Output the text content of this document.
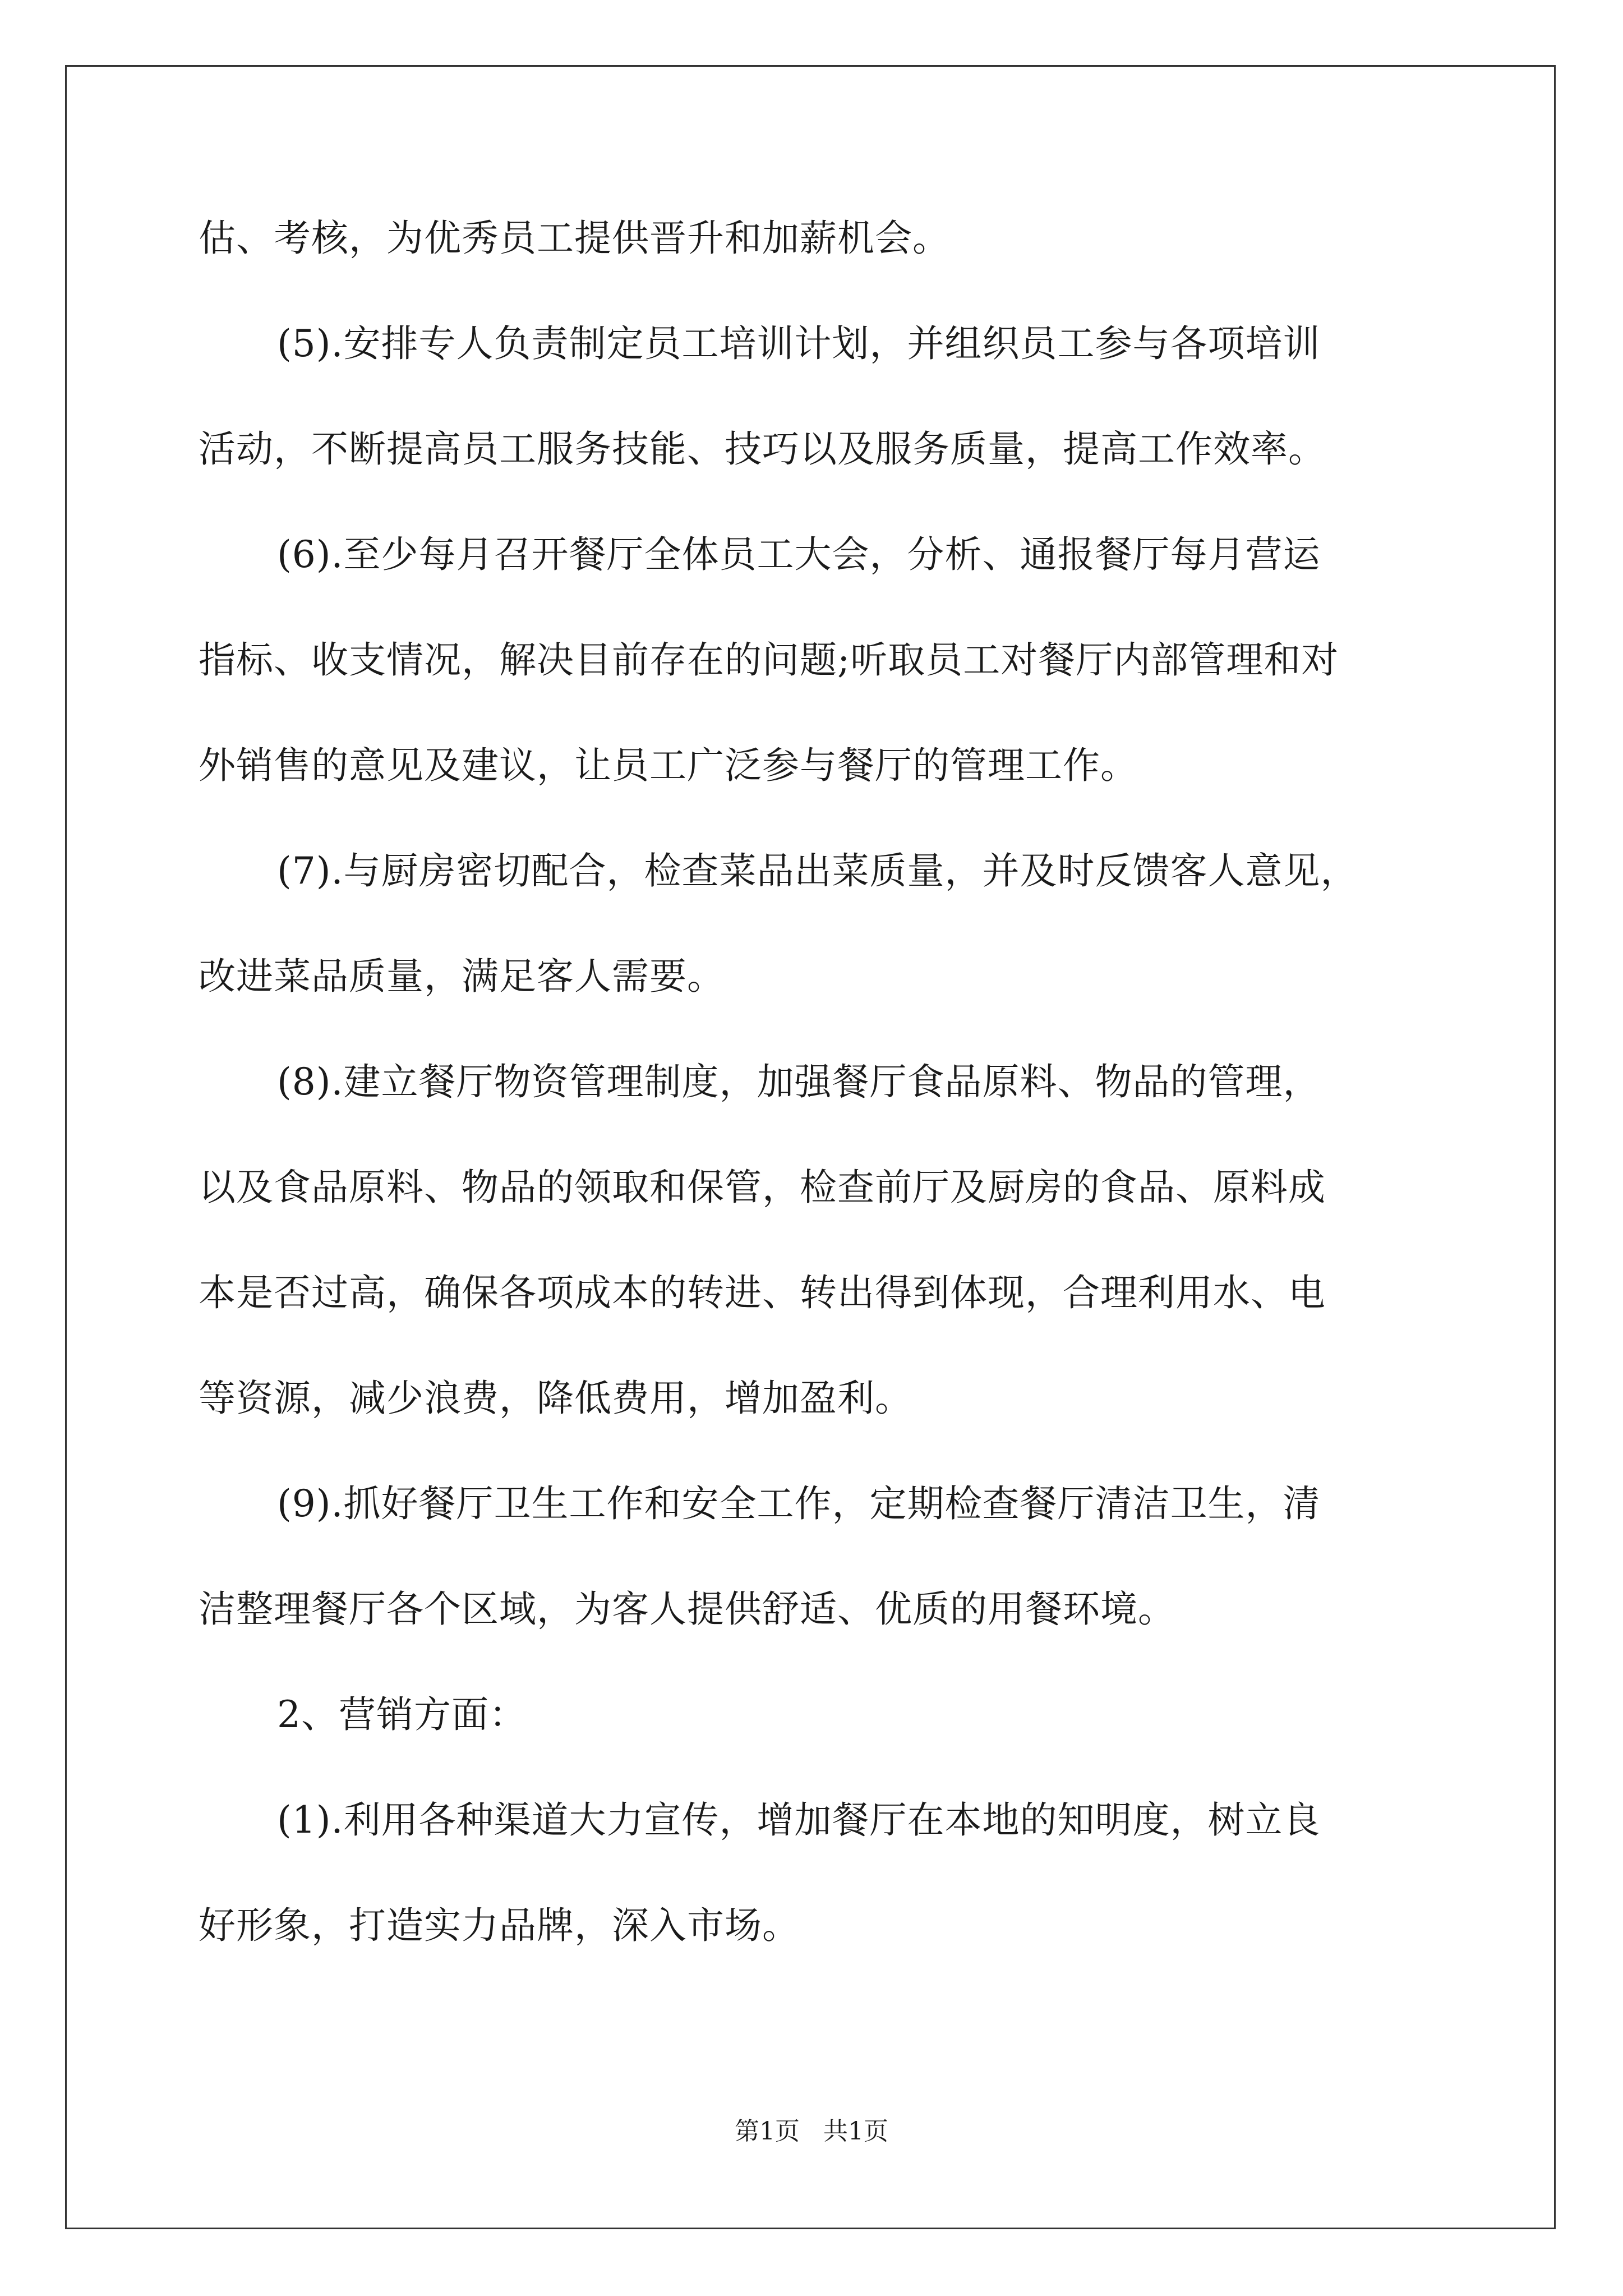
估、考核，为优秀员工提供晋升和加薪机会。
(5).安排专人负责制定员工培训计划，并组织员工参与各项培训
活动，不断提高员工服务技能、技巧以及服务质量，提高工作效率。
(6).至少每月召开餐厅全体员工大会，分析、通报餐厅每月营运
指标、收支情况，解决目前存在的问题;听取员工对餐厅内部管理和对
外销售的意见及建议，让员工广泛参与餐厅的管理工作。
(7).与厨房密切配合，检查菜品出菜质量，并及时反馈客人意见，
改进菜品质量，满足客人需要。
(8).建立餐厅物资管理制度，加强餐厅食品原料、物品的管理，
以及食品原料、物品的领取和保管，检查前厅及厨房的食品、原料成
本是否过高，确保各项成本的转进、转出得到体现，合理利用水、电
等资源，减少浪费，降低费用，增加盈利。
(9).抓好餐厅卫生工作和安全工作，定期检查餐厅清洁卫生，清
洁整理餐厅各个区域，为客人提供舒适、优质的用餐环境。
2、营销方面：
(1).利用各种渠道大力宣传，增加餐厅在本地的知明度，树立良
好形象，打造实力品牌，深入市场。
第1页   共1页
